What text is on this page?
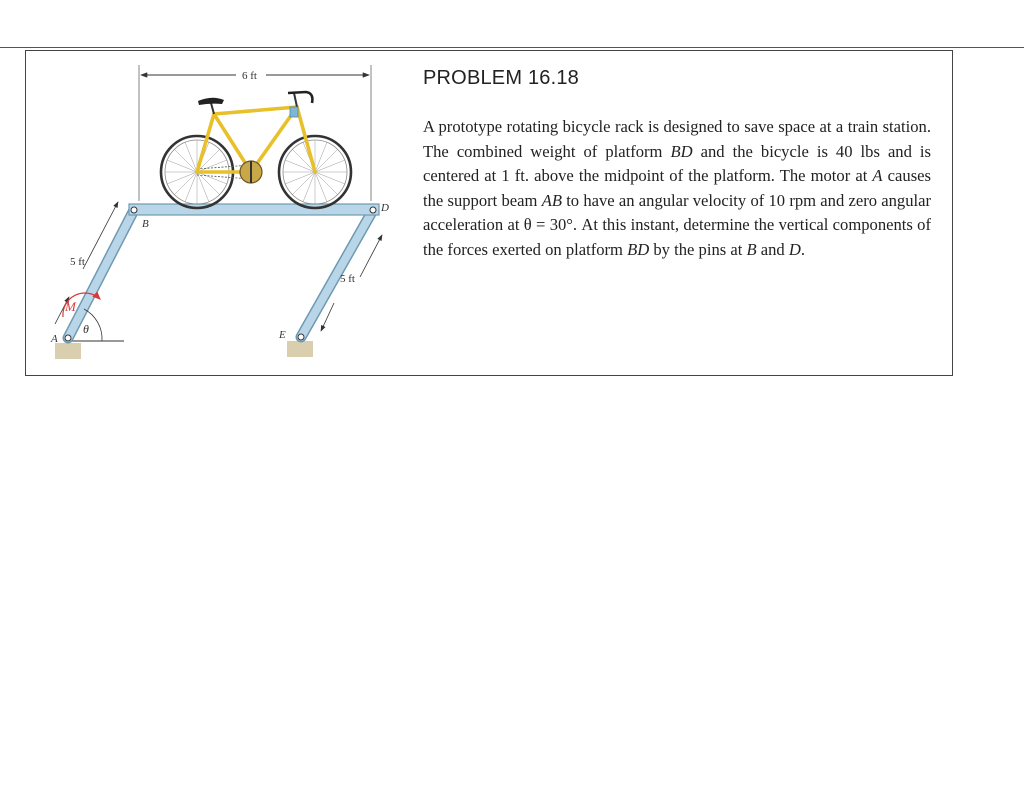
6 ft
5 ft
5 ft
θ
M
A
B
D
E
PROBLEM 16.18

A prototype rotating bicycle rack is designed to save space at a train station. The combined weight of platform BD and the bicycle is 40 lbs and is centered at 1 ft. above the midpoint of the platform. The motor at A causes the support beam AB to have an angular velocity of 10 rpm and zero angular acceleration at θ = 30°. At this instant, determine the vertical components of the forces exerted on platform BD by the pins at B and D.
